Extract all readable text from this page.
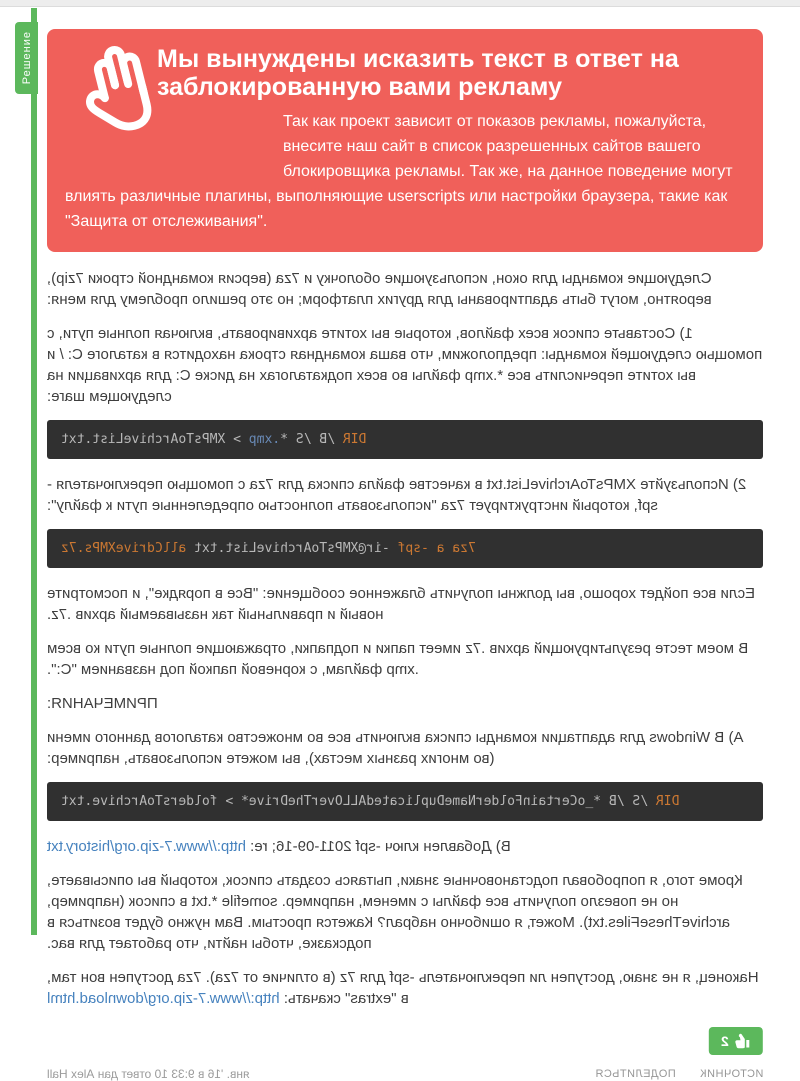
Решение	Мы вынуждены исказить текст в ответ на заблокированную вами рекламу

Так как проект зависит от показов рекламы, пожалуйста, внесите наш сайт в список разрешенных сайтов вашего блокировщика рекламы. Так же, на данное поведение могут влиять различные плагины, выполняющие userscripts или настройки браузера, такие как "Защита от отслеживания".

Следующие команды для окон, использующие оболочку и 7za (версия командной строки 7zip), вероятно, могут быть адаптированы для других платформ; но это решило проблему для меня:

1) Составьте список всех файлов, которые вы хотите архивировать, включая полные пути, с помощью следующей команды: предположим, что ваша командная строка находится в каталоге C: / и вы хотите перечислить все *.xmp файлы во всех подкаталогах на диске C: для архивации на следующем шаге:

DIR /B /S *.xmp > XMPsToArchiveList.txt

2) Используйте XMPsToArchiveList.txt в качестве файла списка для 7za с помощью переключателя -spf, который инструктирует 7za "использовать полностью определенные пути к файлу":

7za a -spf -ir@XMPsToArchiveList.txt allCdriveXMPs.7z

Если все пойдет хорошо, вы должны получить блаженное сообщение: "Все в порядке", и посмотрите новый и правильный так называемый архив .7z.

В моем тесте результирующий архив .7z имеет папки и подпапки, отражающие полные пути ко всем .xmp файлам, с корневой папкой под названием "C:".

ПРИМЕЧАНИЯ:

А) В Windows для адаптации команды списка включить все во множество каталогов данного имени (во многих разных местах), вы можете использовать, например:

DIR /S /B *_oCertainFolderNameDuplicatedALLOverTheDrive* > foldersToArchive.txt

В) Добавлен ключ -spf 2011-09-16; re: http://www.7-zip.org/history.txt

Кроме того, я попробовал подстановочные знаки, пытаясь создать список, который вы описываете, но не повезло получить все файлы с именем, например. somefile *.txt в список (например, archiveTheseFiles.txt). Может, я ошибочно набрал? Кажется простым. Вам нужно будет возиться в подсказке, чтобы найти, что работает для вас.

Наконец, я не знаю, доступен ли переключатель -spf для 7z (в отличие от 7za). 7za доступен вон там, в "extras" скачать: http://www.7-zip.org/download.html

2
янв. '16 в 9:33 10 ответ дан Alex Hall	ИСТОЧНИК
ПОДЕЛИТЬСЯ
